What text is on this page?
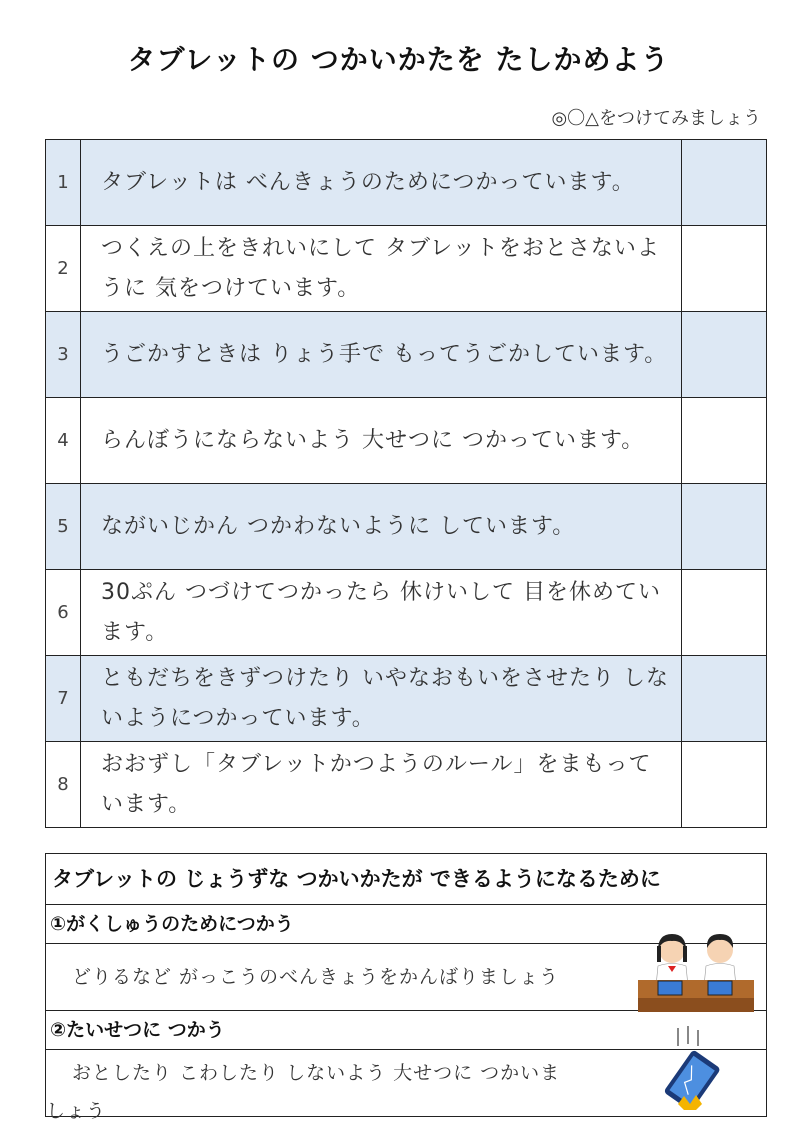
タブレットの つかいかたを たしかめよう
◎〇△をつけてみましょう
1	タブレットは べんきょうのためにつかっています。	
2	つくえの上をきれいにして タブレットをおとさないように 気をつけています。	
3	うごかすときは りょう手で もってうごかしています。	
4	らんぼうにならないよう 大せつに つかっています。	
5	ながいじかん つかわないように しています。	
6	30ぷん つづけてつかったら 休けいして 目を休めています。	
7	ともだちをきずつけたり いやなおもいをさせたり しないようにつかっています。	
8	おおずし「タブレットかつようのルール」をまもっています。	
タブレットの じょうずな つかいかたが できるようになるために
①がくしゅうのためにつかう
どりるなど がっこうのべんきょうをかんばりましょう
②たいせつに つかう
おとしたり こわしたり しないよう 大せつに つかいま
しょう
